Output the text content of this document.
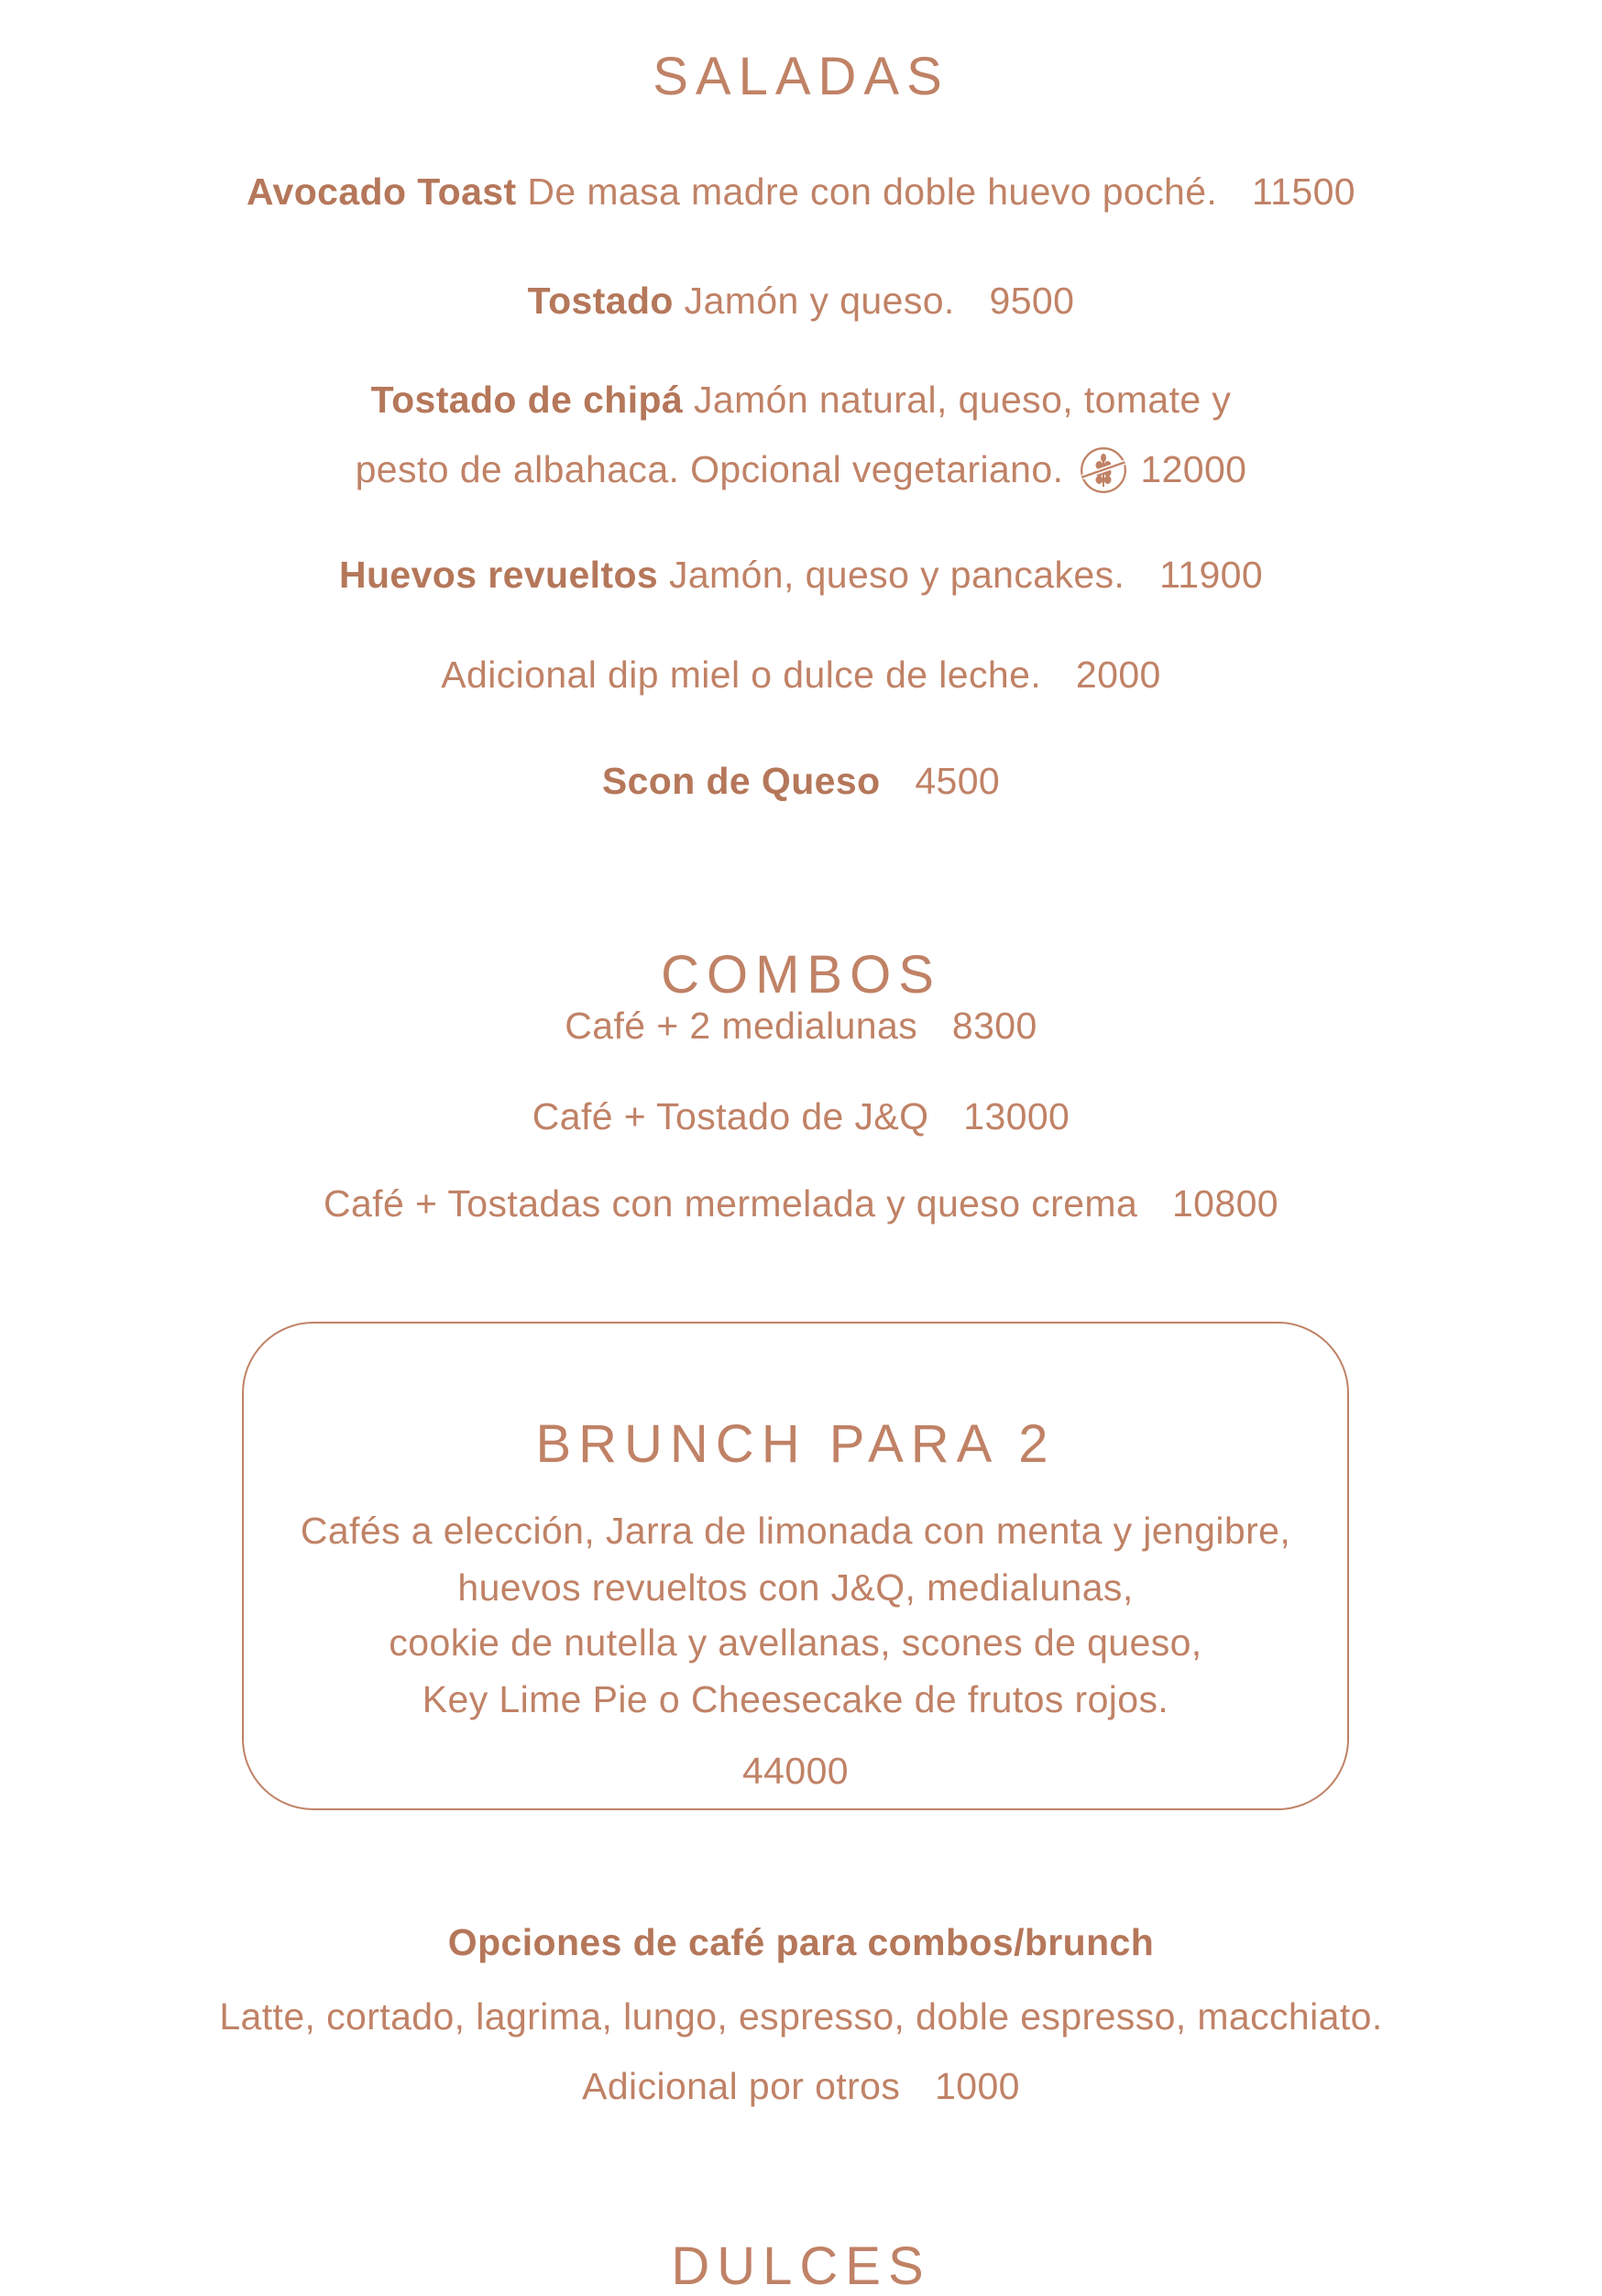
SALADAS
Avocado Toast De masa madre con doble huevo poché. 11500
Tostado Jamón y queso. 9500
Tostado de chipá Jamón natural, queso, tomate y
pesto de albahaca. Opcional vegetariano. 12000
Huevos revueltos Jamón, queso y pancakes. 11900
Adicional dip miel o dulce de leche. 2000
Scon de Queso 4500
COMBOS
Café + 2 medialunas 8300
Café + Tostado de J&Q 13000
Café + Tostadas con mermelada y queso crema 10800
BRUNCH PARA 2
Cafés a elección, Jarra de limonada con menta y jengibre,
huevos revueltos con J&Q, medialunas,
cookie de nutella y avellanas, scones de queso,
Key Lime Pie o Cheesecake de frutos rojos.
44000
Opciones de café para combos/brunch
Latte, cortado, lagrima, lungo, espresso, doble espresso, macchiato.
Adicional por otros 1000
DULCES
